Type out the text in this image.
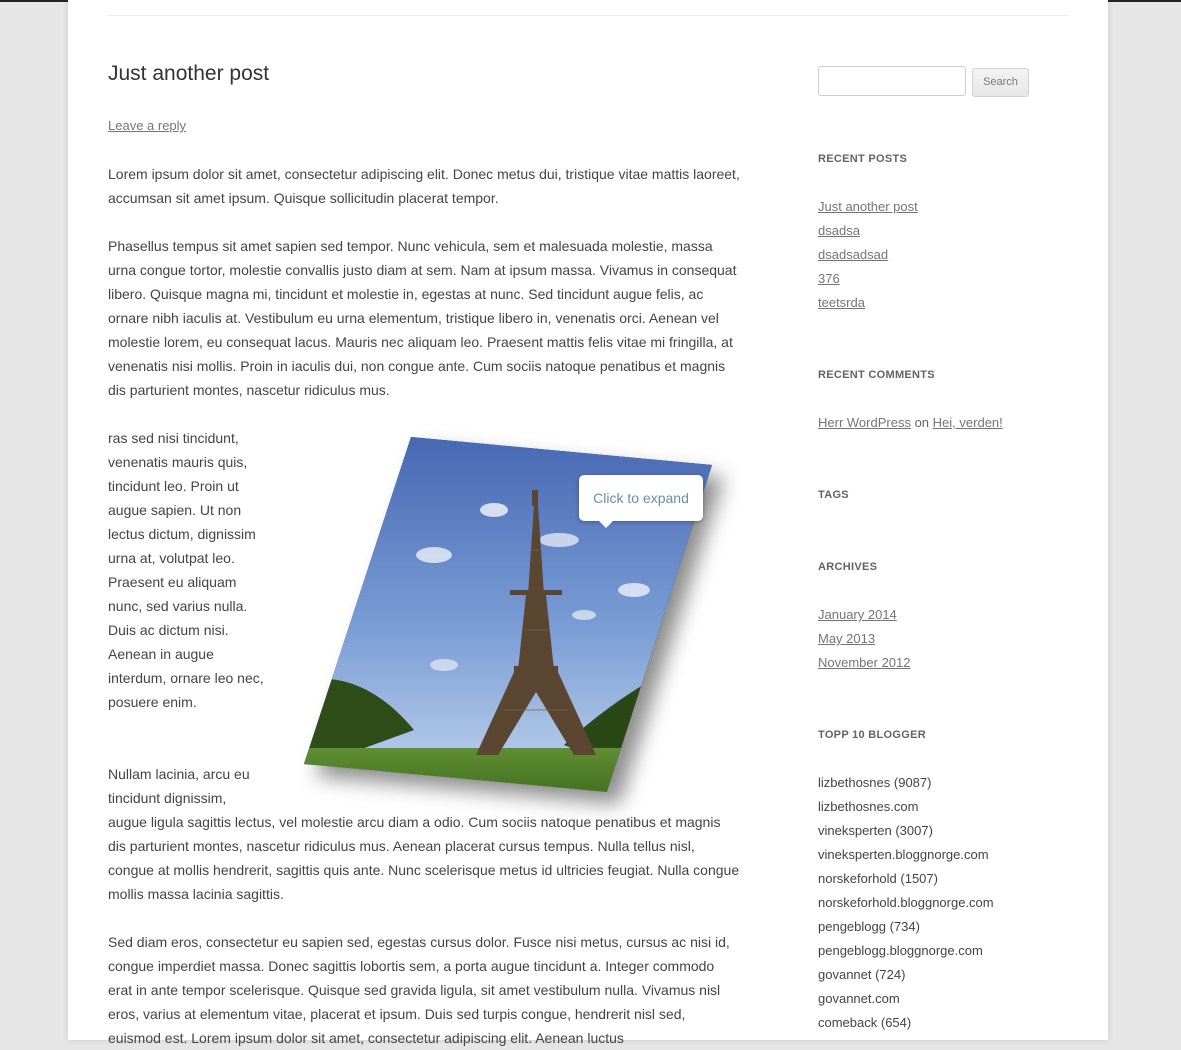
Just another post
Leave a reply

Lorem ipsum dolor sit amet, consectetur adipiscing elit. Donec metus dui, tristique vitae mattis laoreet, accumsan sit amet ipsum. Quisque sollicitudin placerat tempor.

Phasellus tempus sit amet sapien sed tempor. Nunc vehicula, sem et malesuada molestie, massa urna congue tortor, molestie convallis justo diam at sem. Nam at ipsum massa. Vivamus in consequat libero. Quisque magna mi, tincidunt et molestie in, egestas at nunc. Sed tincidunt augue felis, ac ornare nibh iaculis at. Vestibulum eu urna elementum, tristique libero in, venenatis orci. Aenean vel molestie lorem, eu consequat lacus. Mauris nec aliquam leo. Praesent mattis felis vitae mi fringilla, at venenatis nisi mollis. Proin in iaculis dui, non congue ante. Cum sociis natoque penatibus et magnis dis parturient montes, nascetur ridiculus mus.

ras sed nisi tincidunt, venenatis mauris quis, tincidunt leo. Proin ut augue sapien. Ut non lectus dictum, dignissim urna at, volutpat leo. Praesent eu aliquam nunc, sed varius nulla. Duis ac dictum nisi. Aenean in augue interdum, ornare leo nec, posuere enim.

Nullam lacinia, arcu eu tincidunt dignissim,
augue ligula sagittis lectus, vel molestie arcu diam a odio. Cum sociis natoque penatibus et magnis dis parturient montes, nascetur ridiculus mus. Aenean placerat cursus tempus. Nulla tellus nisl, congue at mollis hendrerit, sagittis quis ante. Nunc scelerisque metus id ultricies feugiat. Nulla congue mollis massa lacinia sagittis.

Sed diam eros, consectetur eu sapien sed, egestas cursus dolor. Fusce nisi metus, cursus ac nisi id, congue imperdiet massa. Donec sagittis lobortis sem, a porta augue tincidunt a. Integer commodo erat in ante tempor scelerisque. Quisque sed gravida ligula, sit amet vestibulum nulla. Vivamus nisl eros, varius at elementum vitae, placerat et ipsum. Duis sed turpis congue, hendrerit nisl sed, euismod est. Lorem ipsum dolor sit amet, consectetur adipiscing elit. Aenean luctus

Click to expand
Search
RECENT POSTS
Just another post
dsadsa
dsadsadsad
376
teetsrda
RECENT COMMENTS
Herr WordPress on Hei, verden!
TAGS
ARCHIVES
January 2014
May 2013
November 2012
TOPP 10 BLOGGER
lizbethosnes (9087)
lizbethosnes.com
vineksperten (3007)
vineksperten.bloggnorge.com
norskeforhold (1507)
norskeforhold.bloggnorge.com
pengeblogg (734)
pengeblogg.bloggnorge.com
govannet (724)
govannet.com
comeback (654)
